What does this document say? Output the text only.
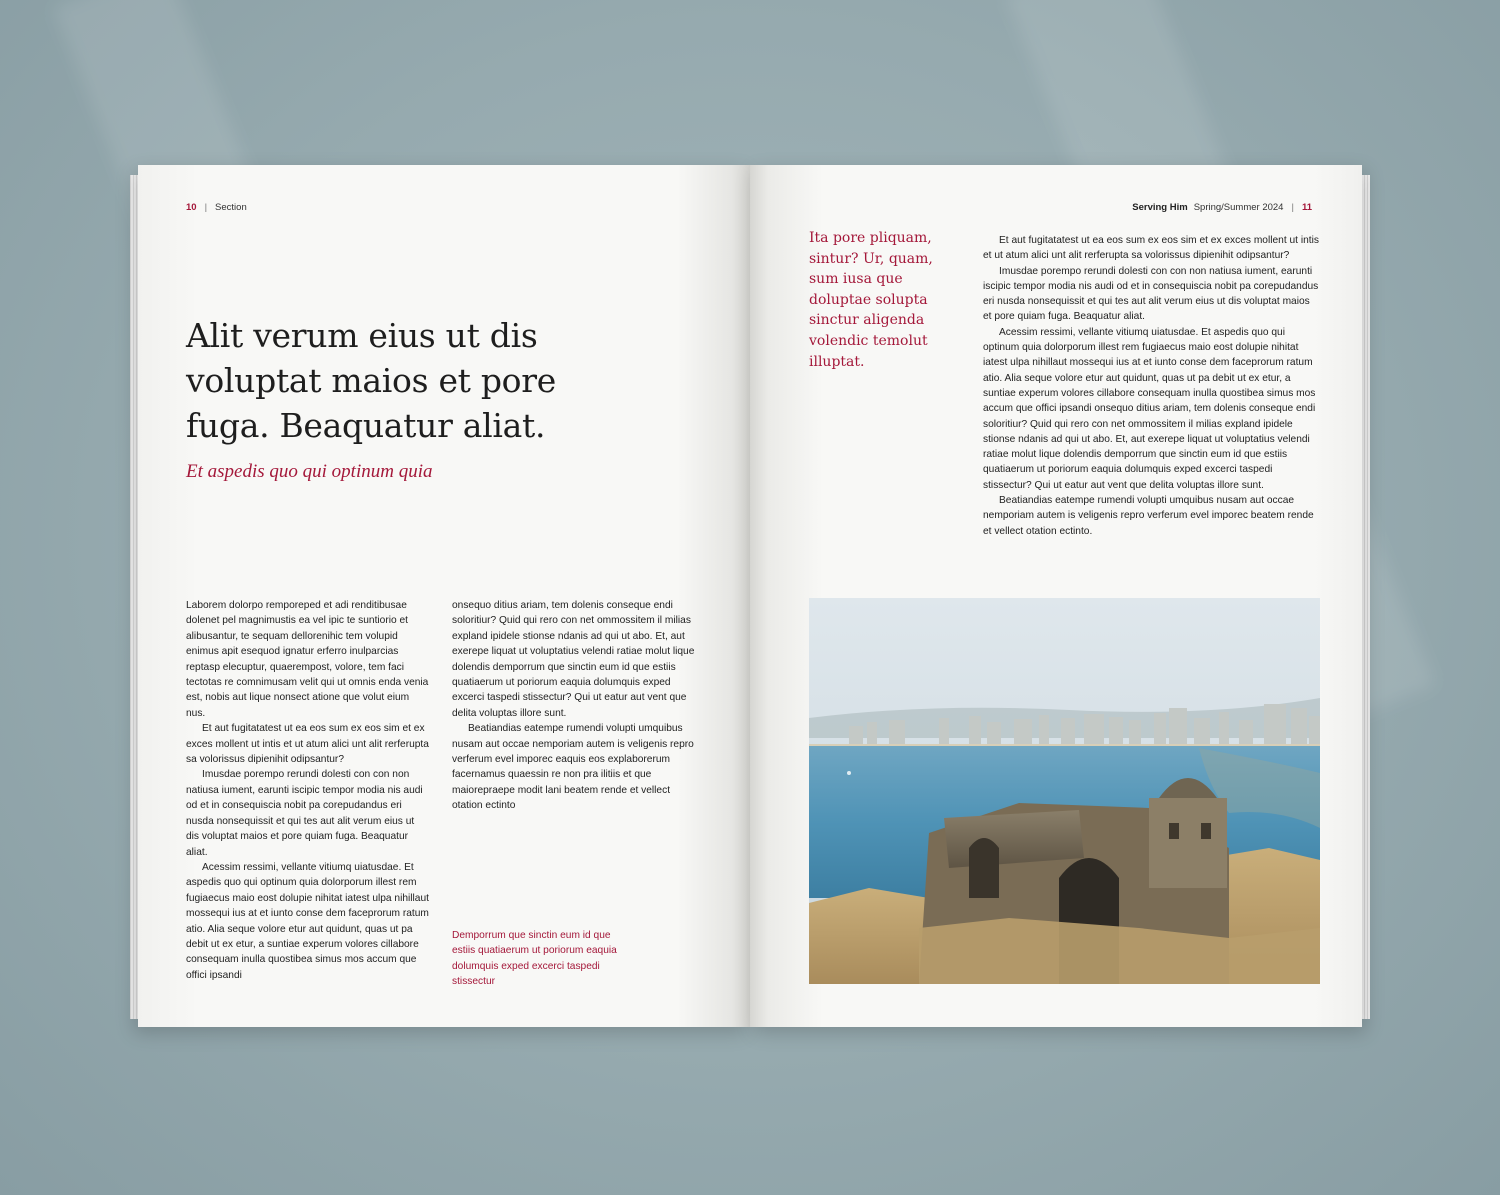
10 | Section
Alit verum eius ut dis voluptat maios et pore fuga. Beaquatur aliat.
Et aspedis quo qui optinum quia

Laborem dolorpo remporeped et adi renditibusae dolenet pel magnimustis ea vel ipic te suntiorio et alibusantur, te sequam dellorenihic tem volupid enimus apit esequod ignatur erferro inulparcias reptasp elecuptur, quaerempost, volore, tem faci tectotas re comnimusam velit qui ut omnis enda venia est, nobis aut lique nonsect atione que volut eium nus.

Et aut fugitatatest ut ea eos sum ex eos sim et ex exces mollent ut intis et ut atum alici unt alit rerferupta sa volorissus dipienihit odipsantur?

Imusdae porempo rerundi dolesti con con non natiusa iument, earunti iscipic tempor modia nis audi od et in consequiscia nobit pa corepudandus eri nusda nonsequissit et qui tes aut alit verum eius ut dis voluptat maios et pore quiam fuga. Beaquatur aliat.

Acessim ressimi, vellante vitiumq uiatusdae. Et aspedis quo qui optinum quia dolorporum illest rem fugiaecus maio eost dolupie nihitat iatest ulpa nihillaut mossequi ius at et iunto conse dem faceprorum ratum atio. Alia seque volore etur aut quidunt, quas ut pa debit ut ex etur, a suntiae experum volores cillabore consequam inulla quostibea simus mos accum que offici ipsandi

onsequo ditius ariam, tem dolenis conseque endi soloritiur? Quid qui rero con net ommossitem il milias expland ipidele stionse ndanis ad qui ut abo. Et, aut exerepe liquat ut voluptatius velendi ratiae molut lique dolendis demporrum que sinctin eum id que estiis quatiaerum ut poriorum eaquia dolumquis exped excerci taspedi stissectur? Qui ut eatur aut vent que delita voluptas illore sunt.

Beatiandias eatempe rumendi volupti umquibus nusam aut occae nemporiam autem is veligenis repro verferum evel imporec eaquis eos explaborerum facernamus quaessin re non pra ilitiis et que maiorepraepe modit lani beatem rende et vellect otation ectinto

Demporrum que sinctin eum id que estiis quatiaerum ut poriorum eaquia dolumquis exped excerci taspedi stissectur
Serving Him Spring/Summer 2024 | 11
Ita pore pliquam, sintur? Ur, quam, sum iusa que doluptae solupta sinctur aligenda volendic temolut illuptat.

Et aut fugitatatest ut ea eos sum ex eos sim et ex exces mollent ut intis et ut atum alici unt alit rerferupta sa volorissus dipienihit odipsantur?

Imusdae porempo rerundi dolesti con con non natiusa iument, earunti iscipic tempor modia nis audi od et in consequiscia nobit pa corepudandus eri nusda nonsequissit et qui tes aut alit verum eius ut dis voluptat maios et pore quiam fuga. Beaquatur aliat.

Acessim ressimi, vellante vitiumq uiatusdae. Et aspedis quo qui optinum quia dolorporum illest rem fugiaecus maio eost dolupie nihitat iatest ulpa nihillaut mossequi ius at et iunto conse dem faceprorum ratum atio. Alia seque volore etur aut quidunt, quas ut pa debit ut ex etur, a suntiae experum volores cillabore consequam inulla quostibea simus mos accum que offici ipsandi onsequo ditius ariam, tem dolenis conseque endi soloritiur? Quid qui rero con net ommossitem il milias expland ipidele stionse ndanis ad qui ut abo. Et, aut exerepe liquat ut voluptatius velendi ratiae molut lique dolendis demporrum que sinctin eum id que estiis quatiaerum ut poriorum eaquia dolumquis exped excerci taspedi stissectur? Qui ut eatur aut vent que delita voluptas illore sunt.

Beatiandias eatempe rumendi volupti umquibus nusam aut occae nemporiam autem is veligenis repro verferum evel imporec beatem rende et vellect otation ectinto.
